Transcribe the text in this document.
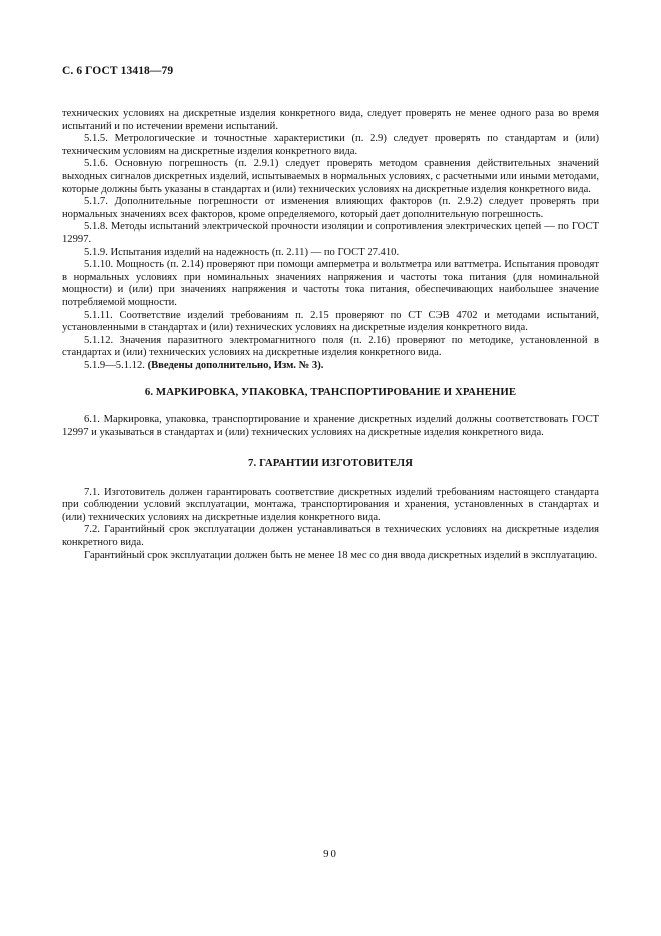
С. 6 ГОСТ 13418—79

технических условиях на дискретные изделия конкретного вида, следует проверять не менее одного раза во время испытаний и по истечении времени испытаний.

5.1.5. Метрологические и точностные характеристики (п. 2.9) следует проверять по стандартам и (или) техническим условиям на дискретные изделия конкретного вида.

5.1.6. Основную погрешность (п. 2.9.1) следует проверять методом сравнения действительных значений выходных сигналов дискретных изделий, испытываемых в нормальных условиях, с расчетными или иными методами, которые должны быть указаны в стандартах и (или) технических условиях на дискретные изделия конкретного вида.

5.1.7. Дополнительные погрешности от изменения влияющих факторов (п. 2.9.2) следует проверять при нормальных значениях всех факторов, кроме определяемого, который дает дополнительную погрешность.

5.1.8. Методы испытаний электрической прочности изоляции и сопротивления электрических цепей — по ГОСТ 12997.

5.1.9. Испытания изделий на надежность (п. 2.11) — по ГОСТ 27.410.

5.1.10. Мощность (п. 2.14) проверяют при помощи амперметра и вольтметра или ваттметра. Испытания проводят в нормальных условиях при номинальных значениях напряжения и частоты тока питания (для номинальной мощности) и (или) при значениях напряжения и частоты тока питания, обеспечивающих наибольшее значение потребляемой мощности.

5.1.11. Соответствие изделий требованиям п. 2.15 проверяют по СТ СЭВ 4702 и методами испытаний, установленными в стандартах и (или) технических условиях на дискретные изделия конкретного вида.

5.1.12. Значения паразитного электромагнитного поля (п. 2.16) проверяют по методике, установленной в стандартах и (или) технических условиях на дискретные изделия конкретного вида.

5.1.9—5.1.12. (Введены дополнительно, Изм. № 3).

6. МАРКИРОВКА, УПАКОВКА, ТРАНСПОРТИРОВАНИЕ И ХРАНЕНИЕ

6.1. Маркировка, упаковка, транспортирование и хранение дискретных изделий должны соответствовать ГОСТ 12997 и указываться в стандартах и (или) технических условиях на дискретные изделия конкретного вида.

7. ГАРАНТИИ ИЗГОТОВИТЕЛЯ

7.1. Изготовитель должен гарантировать соответствие дискретных изделий требованиям настоящего стандарта при соблюдении условий эксплуатации, монтажа, транспортирования и хранения, установленных в стандартах и (или) технических условиях на дискретные изделия конкретного вида.

7.2. Гарантийный срок эксплуатации должен устанавливаться в технических условиях на дискретные изделия конкретного вида.

Гарантийный срок эксплуатации должен быть не менее 18 мес со дня ввода дискретных изделий в эксплуатацию.

90
